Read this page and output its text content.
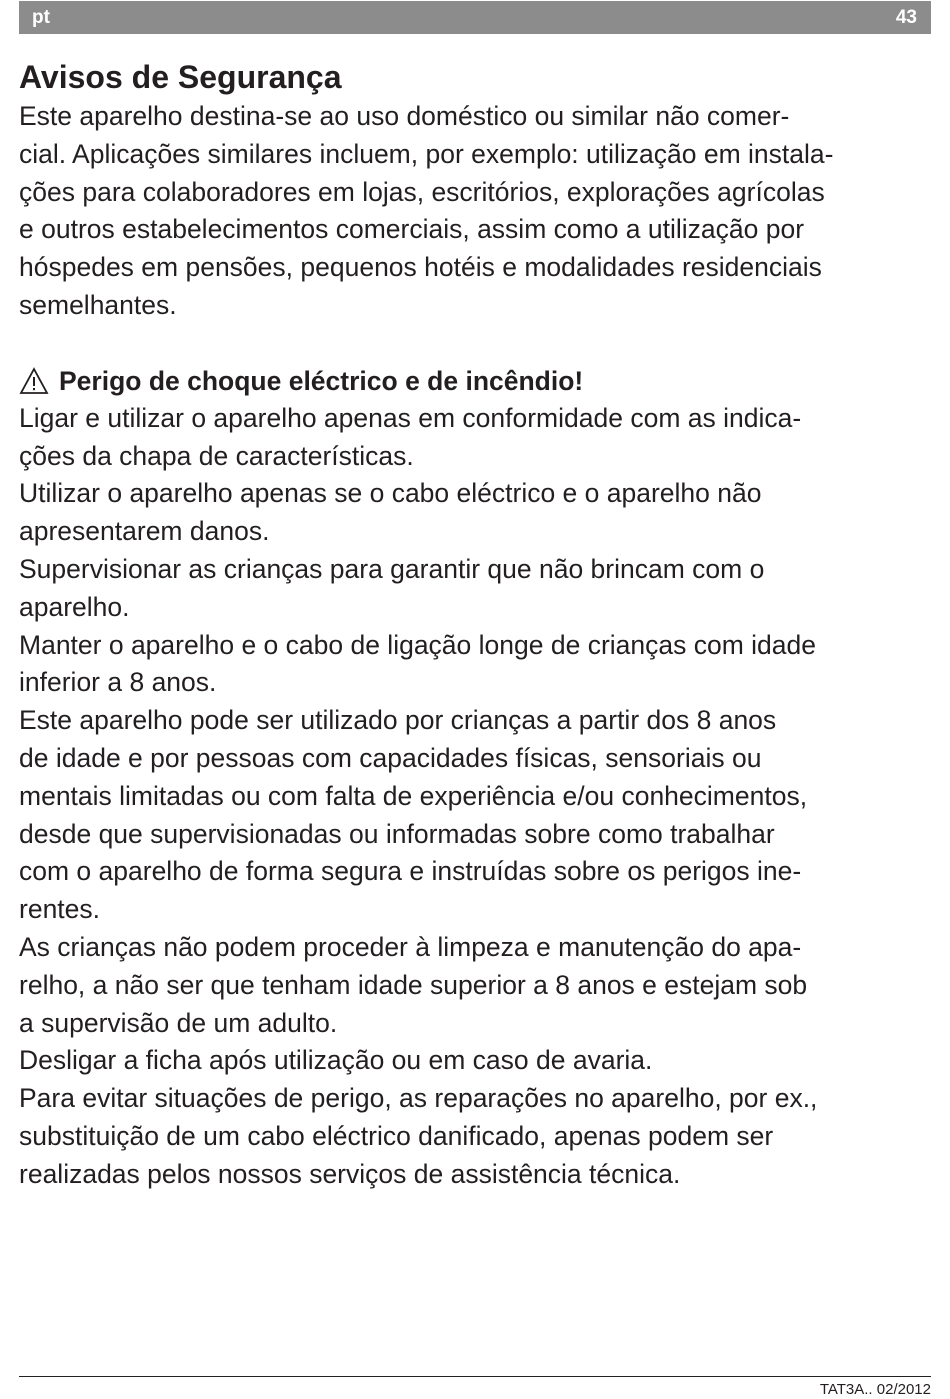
pt	43
Avisos de Segurança

Este aparelho destina-se ao uso doméstico ou similar não comer-

cial. Aplicações similares incluem, por exemplo: utilização em instala-

ções para colaboradores em lojas, escritórios, explorações agrícolas

e outros estabelecimentos comerciais, assim como a utilização por

hóspedes em pensões, pequenos hotéis e modalidades residenciais

semelhantes.

Perigo de choque eléctrico e de incêndio!

Ligar e utilizar o aparelho apenas em conformidade com as indica-

ções da chapa de características.

Utilizar o aparelho apenas se o cabo eléctrico e o aparelho não

apresentarem danos.

Supervisionar as crianças para garantir que não brincam com o

aparelho.

Manter o aparelho e o cabo de ligação longe de crianças com idade

inferior a 8 anos.

Este aparelho pode ser utilizado por crianças a partir dos 8 anos

de idade e por pessoas com capacidades físicas, sensoriais ou

mentais limitadas ou com falta de experiência e/ou conhecimentos,

desde que supervisionadas ou informadas sobre como trabalhar

com o aparelho de forma segura e instruídas sobre os perigos ine-

rentes.

As crianças não podem proceder à limpeza e manutenção do apa-

relho, a não ser que tenham idade superior a 8 anos e estejam sob

a supervisão de um adulto.

Desligar a ficha após utilização ou em caso de avaria.

Para evitar situações de perigo, as reparações no aparelho, por ex.,

substituição de um cabo eléctrico danificado, apenas podem ser

realizadas pelos nossos serviços de assistência técnica.

TAT3A.. 02/2012
